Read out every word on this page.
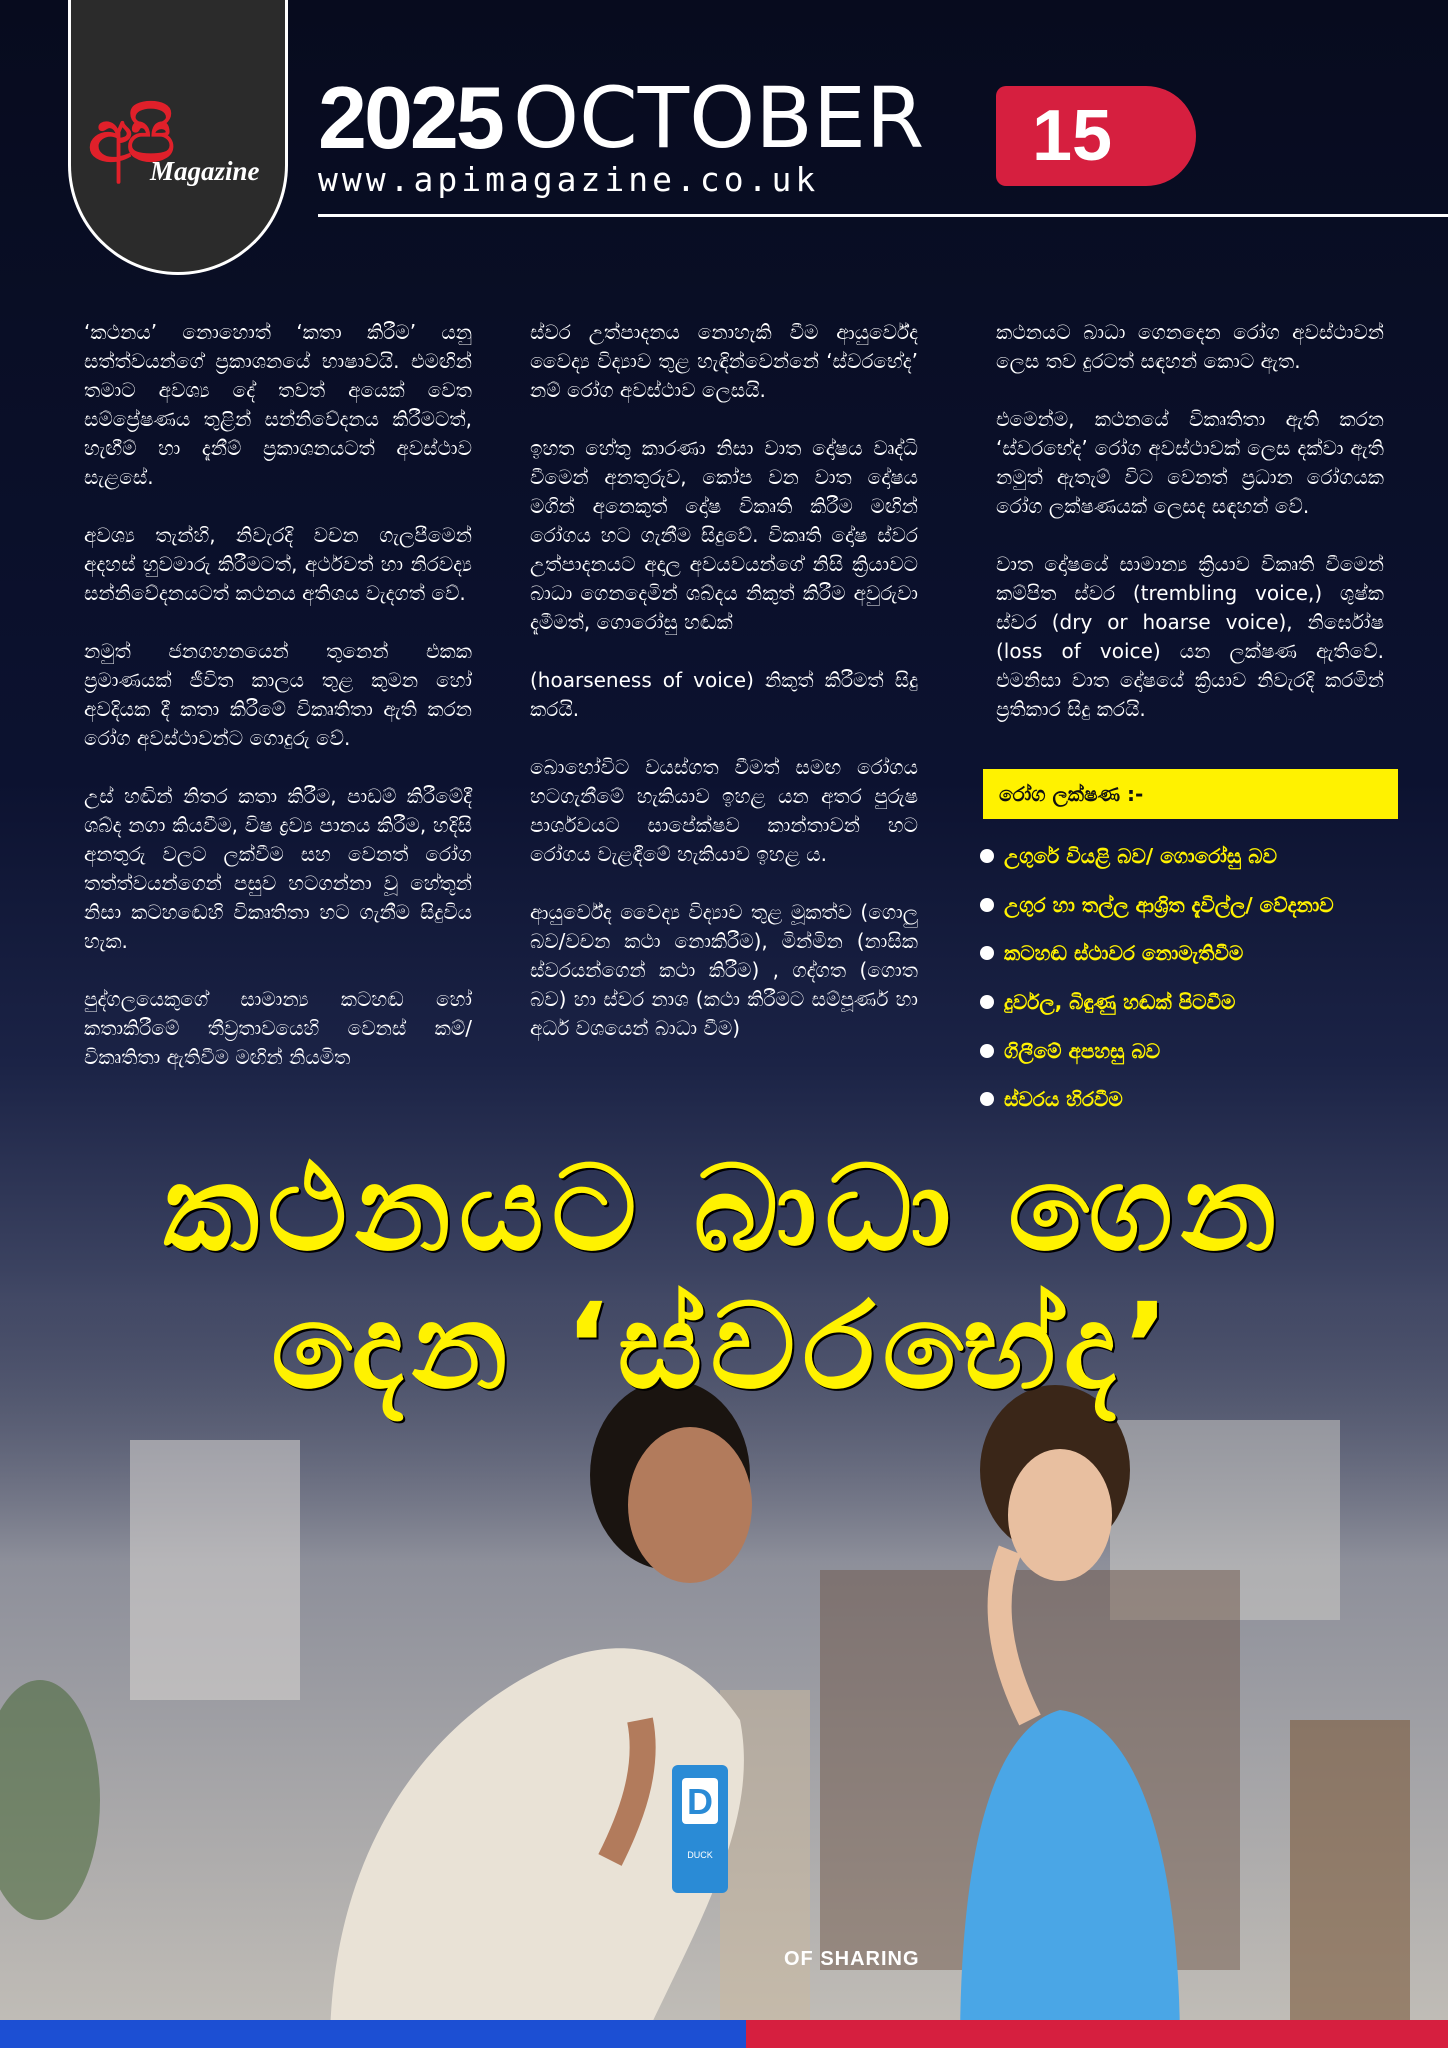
D
DUCK
අපි
Magazine
2025 OCTOBER
www.apimagazine.co.uk
15

‘කථනය’ නොහොත් ‘කතා කිරීම’ යනු සත්ත්වයන්ගේ ප්‍රකාශනයේ භාෂාවයි. එමඟින් තමාට අවශ්‍ය දේ තවත් අයෙක් වෙත සම්ප්‍රේෂණය තුළින් සන්නිවේදනය කිරීමටත්, හැඟීම් හා දැනීම් ප්‍රකාශනයටත් අවස්ථාව සැළසේ.

අවශ්‍ය තැන්හි, නිවැරදි වචන ගැලපීමෙන් අදහස් හුවමාරු කිරීමටත්, අර්ථවත් හා නිරවද්‍ය සන්නිවේදනයටත් කථනය අතිශය වැදගත් වේ.

නමුත් ජනගහනයෙන් තුනෙන් එකක ප්‍රමාණයක් ජීවිත කාලය තුළ කුමන හෝ අවදියක දී කතා කිරීමේ විකෘතිතා ඇති කරන රෝග අවස්ථාවන්ට ගොදුරු වේ.

උස් හඬින් නිතර කතා කිරීම, පාඩම් කිරීමේදී ශබ්ද නගා කියවීම, විෂ ද්‍රව්‍ය පානය කිරීම, හදිසි අනතුරු වලට ලක්වීම සහ වෙනත් රෝග තත්ත්වයන්ගෙන් පසුව හටගන්නා වූ හේතූන් නිසා කටහඬෙහි විකෘතිතා හට ගැනීම සිදුවිය හැක.

පුද්ගලයෙකුගේ සාමාන්‍ය කටහඬ හෝ කතාකිරීමේ තීව්‍රතාවයෙහි වෙනස් කම්/විකෘතිතා ඇතිවීම මඟින් නියමිත

ස්වර උත්පාදනය නොහැකි වීම ආයුර්වේද වෛද්‍ය විද්‍යාව තුළ හැඳින්වෙන්නේ ‘ස්වරභේද’ නම් රෝග අවස්ථාව ලෙසයි.

ඉහත හේතු කාරණා නිසා වාත දෝෂය වෘද්ධි වීමෙන් අනතුරුව, කෝප වන වාත දෝෂය මගින් අනෙකුත් දෝෂ විකෘති කිරීම මඟින් රෝගය හට ගැනීම සිදුවේ. විකෘති දෝෂ ස්වර උත්පාදනයට අදාල අවයවයන්ගේ නිසි ක්‍රියාවට බාධා ගෙනදෙමින් ශබ්දය නිකුත් කිරීම අවුරුවා දැමීමත්, ගොරෝසු හඬක්

(hoarseness of voice) නිකුත් කිරීමත් සිදු කරයි.

බොහෝවිට වයස්ගත වීමත් සමඟ රෝගය හටගැනීමේ හැකියාව ඉහළ යන අතර පුරුෂ පාර්ශවයට සාපේක්ෂව කාන්තාවන් හට රෝගය වැළඳීමේ හැකියාව ඉහළ ය.

ආයුර්වේද වෛද්‍ය විද්‍යාව තුළ මූකත්ව (ගොලු බව/වචන කථා නොකිරීම), මින්මින (නාසික ස්වරයන්ගෙන් කථා කිරීම) , ගද්ගත (ගොත බව) හා ස්වර නාශ (කථා කිරීමට සම්පූර්ණ හා අර්ධ වශයෙන් බාධා වීම)

කථනයට බාධා ගෙනදෙන රෝග අවස්ථාවන් ලෙස තව දුරටත් සඳහන් කොට ඇත.

එමෙන්ම, කථනයේ විකෘතිතා ඇති කරන ‘ස්වරභේද’ රෝග අවස්ථාවක් ලෙස දක්වා ඇති නමුත් ඇතැම් විට වෙනත් ප්‍රධාන රෝගයක රෝග ලක්ෂණයක් ලෙසද සඳහන් වේ.

වාත දෝෂයේ සාමාන්‍ය ක්‍රියාව විකෘති වීමෙන් කම්පිත ස්වර (trembling voice,) ශුෂ්ක ස්වර (dry or hoarse voice), නිර්ඝෝෂ (loss of voice) යන ලක්ෂණ ඇතිවේ. එමනිසා වාත දෝෂයේ ක්‍රියාව නිවැරදි කරමින් ප්‍රතිකාර සිදු කරයි.

රෝග ලක්ෂණ :-
උගුරේ වියළි බව/ ගොරෝසු බව
උගුර හා තල්ල ආශ්‍රිත දැවිල්ල/ වේදනාව
කටහඬ ස්ථාවර නොමැතිවීම
දුර්වල, බිඳුණු හඬක් පිටවීම
ගිලීමේ අපහසු බව
ස්වරය හිරවීම
කථනයට බාධා ගෙන
දෙන ‘ස්වරභේද’
OF SHARING
